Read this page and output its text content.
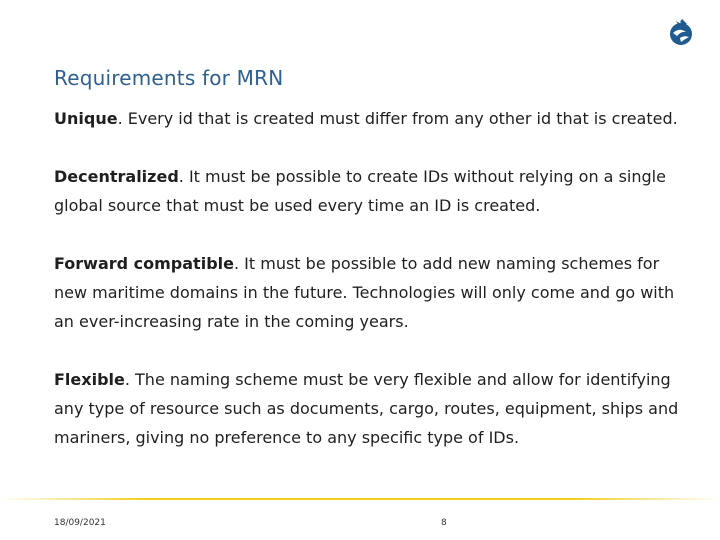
Requirements for MRN

Unique. Every id that is created must differ from any other id that is created.

Decentralized. It must be possible to create IDs without relying on a single global source that must be used every time an ID is created.

Forward compatible. It must be possible to add new naming schemes for new maritime domains in the future. Technologies will only come and go with an ever-increasing rate in the coming years.

Flexible. The naming scheme must be very flexible and allow for identifying any type of resource such as documents, cargo, routes, equipment, ships and mariners, giving no preference to any specific type of IDs.

18/09/2021	8
